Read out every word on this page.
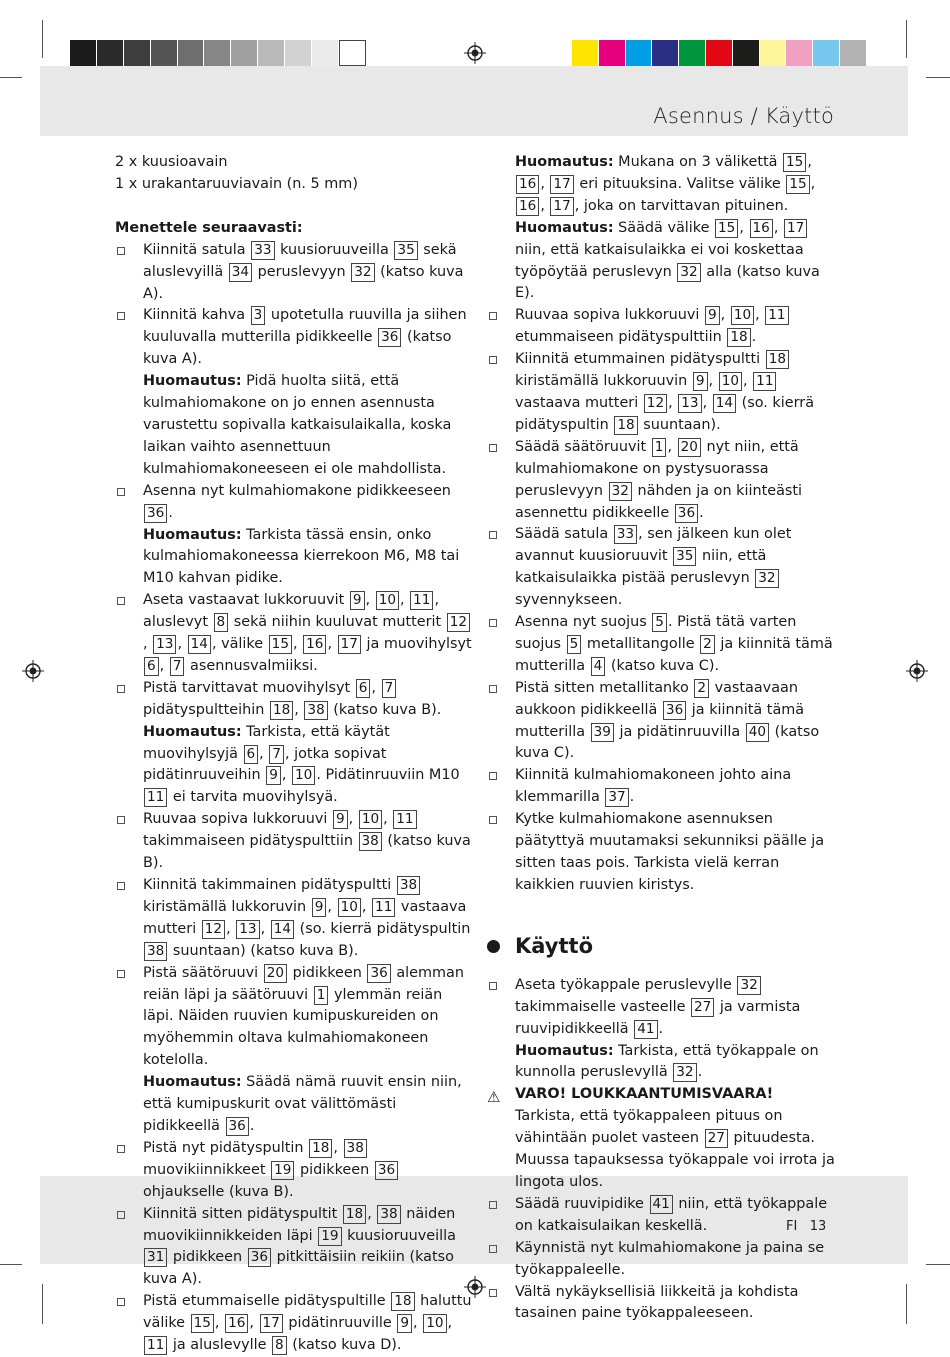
Asennus / Käyttö
FI 13

2 x kuusioavain

1 x urakantaruuviavain (n. 5 mm)

Menettele seuraavasti:

Kiinnitä satula 33 kuusioruuveilla 35 sekä aluslevyillä 34 peruslevyyn 32 (katso kuva A).

Kiinnitä kahva 3 upotetulla ruuvilla ja siihen kuuluvalla mutterilla pidikkeelle 36 (katso kuva A).

Huomautus: Pidä huolta siitä, että kulmahiomakone on jo ennen asennusta varustettu sopivalla katkaisulaikalla, koska laikan vaihto asennettuun kulmahiomakoneeseen ei ole mahdollista.

Asenna nyt kulmahiomakone pidikkeeseen 36 .

Huomautus: Tarkista tässä ensin, onko kulmahiomakoneessa kierrekoon M6, M8 tai M10 kahvan pidike.

Aseta vastaavat lukkoruuvit 9 , 10 , 11 , aluslevyt 8 sekä niihin kuuluvat mutterit 12, 13 , 14 , välike 15 , 16 , 17 ja muovihylsyt 6 , 7 asennusvalmiiksi.

Pistä tarvittavat muovihylsyt 6 , 7 pidätyspultteihin 18 , 38 (katso kuva B).

Huomautus: Tarkista, että käytät muovihylsyjä 6 , 7 , jotka sopivat pidätinruuveihin 9 , 10 . Pidätinruuviin M10 11 ei tarvita muovihylsyä.

Ruuvaa sopiva lukkoruuvi 9 , 10 , 11 takimmaiseen pidätyspulttiin 38 (katso kuva B).

Kiinnitä takimmainen pidätyspultti 38 kiristämällä lukkoruvin 9 , 10 , 11 vastaava mutteri 12 , 13 , 14 (so. kierrä pidätyspultin 38 suuntaan) (katso kuva B).

Pistä säätöruuvi 20 pidikkeen 36 alemman reiän läpi ja säätöruuvi 1 ylemmän reiän läpi. Näiden ruuvien kumipuskureiden on myöhemmin oltava kulmahiomakoneen kotelolla.

Huomautus: Säädä nämä ruuvit ensin niin, että kumipuskurit ovat välittömästi pidikkeellä 36 .

Pistä nyt pidätyspultin 18 , 38 muovikiinnikkeet 19 pidikkeen 36 ohjaukselle (kuva B).

Kiinnitä sitten pidätyspultit 18 , 38 näiden muovikiinnikkeiden läpi 19 kuusioruuveilla 31 pidikkeen 36 pitkittäisiin reikiin (katso kuva A).

Pistä etummaiselle pidätyspultille 18 haluttu välike 15 , 16 , 17 pidätinruuville 9 , 10 , 11 ja aluslevylle 8 (katso kuva D).

Huomautus: Mukana on 3 välikettä 15 , 16 , 17 eri pituuksina. Valitse välike 15 , 16 , 17 , joka on tarvittavan pituinen.

Huomautus: Säädä välike 15 , 16 , 17 niin, että katkaisulaikka ei voi koskettaa työpöytää peruslevyn 32 alla (katso kuva E).

Ruuvaa sopiva lukkoruuvi 9 , 10 , 11 etummaiseen pidätyspulttiin 18 .

Kiinnitä etummainen pidätyspultti 18 kiristämällä lukkoruuvin 9 , 10 , 11 vastaava mutteri 12 , 13 , 14 (so. kierrä pidätyspultin 18 suuntaan).

Säädä säätöruuvit 1 , 20 nyt niin, että kulmahiomakone on pystysuorassa peruslevyyn 32 nähden ja on kiinteästi asennettu pidikkeelle 36 .

Säädä satula 33 , sen jälkeen kun olet avannut kuusioruuvit 35 niin, että katkaisulaikka pistää peruslevyn 32 syvennykseen.

Asenna nyt suojus 5 . Pistä tätä varten suojus 5 metallitangolle 2 ja kiinnitä tämä mutterilla 4 (katso kuva C).

Pistä sitten metallitanko 2 vastaavaan aukkoon pidikkeellä 36 ja kiinnitä tämä mutterilla 39 ja pidätinruuvilla 40 (katso kuva C).

Kiinnitä kulmahiomakoneen johto aina klemmarilla 37 .

Kytke kulmahiomakone asennuksen päätyttyä muutamaksi sekunniksi päälle ja sitten taas pois. Tarkista vielä kerran kaikkien ruuvien kiristys.

Käyttö

Aseta työkappale peruslevylle 32 takimmaiselle vasteelle 27 ja varmista ruuvipidikkeellä 41 .

Huomautus: Tarkista, että työkappale on kunnolla peruslevyllä 32 .

⚠ VARO! LOUKKAANTUMISVAARA! Tarkista, että työkappaleen pituus on vähintään puolet vasteen 27 pituudesta. Muussa tapauksessa työkappale voi irrota ja lingota ulos.

Säädä ruuvipidike 41 niin, että työkappale on katkaisulaikan keskellä.

Käynnistä nyt kulmahiomakone ja paina se työkappaleelle.

Vältä nykäyksellisiä liikkeitä ja kohdista tasainen paine työkappaleeseen.
